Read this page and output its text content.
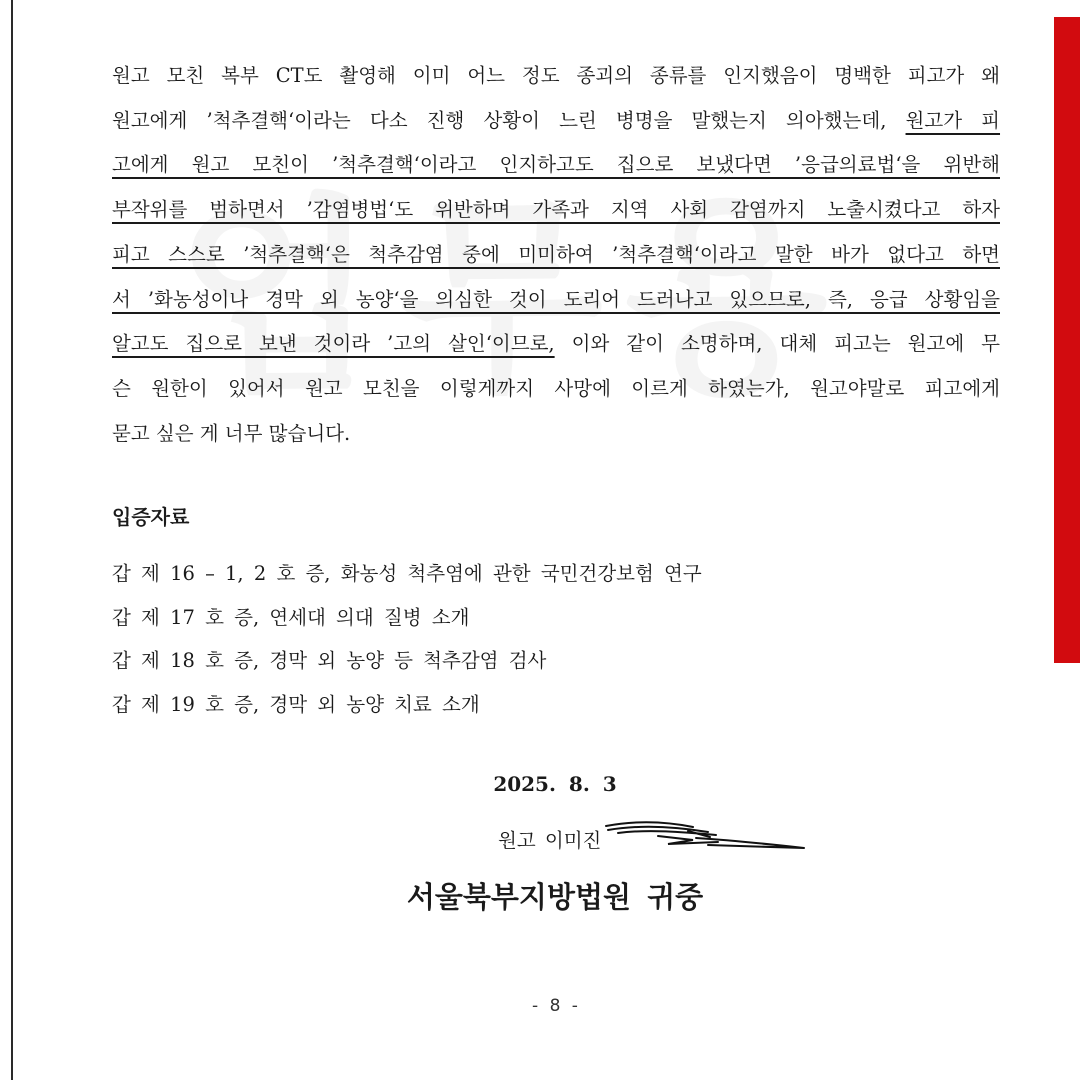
원고 모친 복부 CT도 촬영해 이미 어느 정도 종괴의 종류를 인지했음이 명백한 피고가 왜
원고에게 ’척추결핵‘이라는 다소 진행 상황이 느린 병명을 말했는지 의아했는데, 원고가 피
고에게 원고 모친이 ’척추결핵‘이라고 인지하고도 집으로 보냈다면 ’응급의료법‘을 위반해
부작위를 범하면서 ’감염병법‘도 위반하며 가족과 지역 사회 감염까지 노출시켰다고 하자
피고 스스로 ’척추결핵‘은 척추감염 중에 미미하여 ’척추결핵‘이라고 말한 바가 없다고 하면
서 ’화농성이나 경막 외 농양‘을 의심한 것이 도리어 드러나고 있으므로, 즉, 응급 상황임을
알고도 집으로 보낸 것이라 ’고의 살인‘이므로, 이와 같이 소명하며, 대체 피고는 원고에 무
슨 원한이 있어서 원고 모친을 이렇게까지 사망에 이르게 하였는가, 원고야말로 피고에게
묻고 싶은 게 너무 많습니다.
입증자료
갑 제 16 – 1, 2 호 증, 화농성 척추염에 관한 국민건강보험 연구
갑 제 17 호 증, 연세대 의대 질병 소개
갑 제 18 호 증, 경막 외 농양 등 척추감염 검사
갑 제 19 호 증, 경막 외 농양 치료 소개
2025. 8. 3
원고 이미진
서울북부지방법원 귀중
- 8 -
